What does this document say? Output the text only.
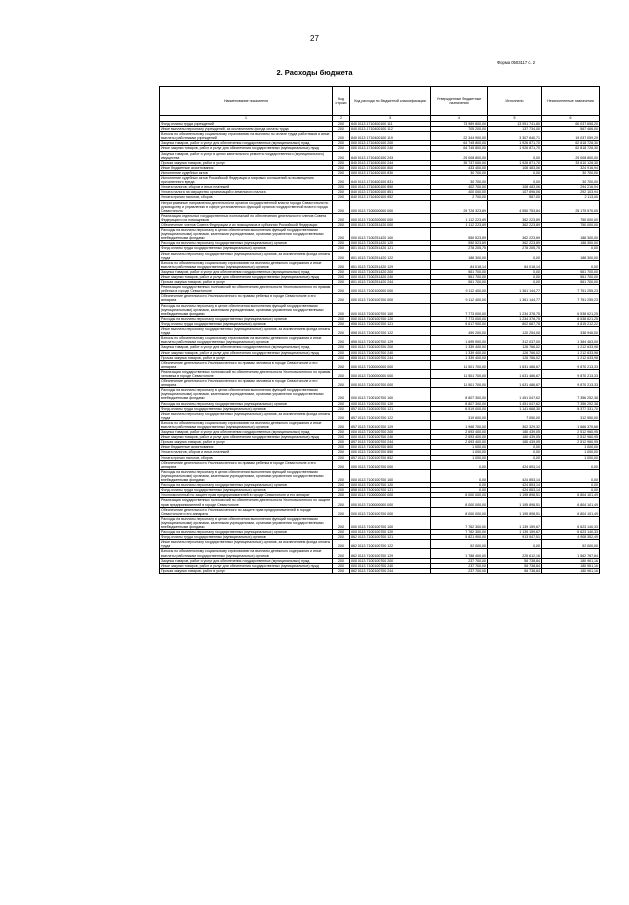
27
Форма 0503117 с. 2
2. Расходы бюджета
Наименование показателя	Код строки	Код расхода по бюджетной классификации	Утвержденные бюджетные назначения	Исполнено	Неисполненные назначения
1	2	3	4	5	6
Фонд оплаты труда учреждений	200	840 0113 1710400100 111	73 989 800,00	13 951 741,80	60 037 658,20
Иные выплаты персоналу учреждений, за исключением фонда оплаты труда	200	840 0113 1710400100 112	705 200,00	137 734,00	567 466,00
Взносы по обязательному социальному страхованию на выплаты по оплате труда работников и иные выплаты работникам учреждений	200	840 0113 1710400100 119	22 344 900,00	3 307 840,71	19 037 059,29
Закупка товаров, работ и услуг для обеспечения государственных (муниципальных) нужд	200	000 0113 1710400100 200	64 745 800,00	1 926 871,70	62 818 728,30
Иные закупки товаров, работ и услуг для обеспечения государственных (муниципальных) нужд	200	000 0113 1710400100 240	64 745 800,00	1 926 871,70	62 818 728,30
Закупка товаров, работ и услуг в целях капитального ремонта государственного (муниципального) имущества	200	840 0113 1710400100 243	29 008 800,00	0,00	29 008 800,00
Прочая закупка товаров, работ и услуг	200	840 0113 1710400100 244	35 737 000,00	1 926 871,70	33 810 128,30
Иные бюджетные ассигнования	200	000 0113 1710400100 800	433 400,00	108 483,06	324 916,94
Исполнение судебных актов	200	000 0113 1710400100 830	30 700,00	0,00	30 700,00
Исполнение судебных актов Российской Федерации и мировых соглашений по возмещению причиненного вреда	200	840 0113 1710400100 831	30 700,00	0,00	30 700,00
Уплата налогов, сборов и иных платежей	200	000 0113 1710400100 850	402 700,00	108 483,06	294 216,94
Уплата налога на имущество организаций и земельного налога	200	840 0113 1710400100 851	400 000,00	107 896,06	292 103,94
Уплата прочих налогов, сборов	200	840 0113 1710400100 852	2 700,00	587,00	2 113,00
Непрограммные направления деятельности органов государственной власти города Севастополя по руководству и управлению в сфере установленных функций органов государственной власти города Севастополя	200	000 0113 7100000000 000	29 726 323,89	4 550 753,84	25 175 570,05
Реализация отдельных государственных полномочий по обеспечению деятельности членов Совета Федерации и их помощников	200	000 0113 7100200000 000	1 112 223,89	362 223,89	750 000,00
Обеспечение членов Совета Федерации и их помощников в субъектах Российской Федерации	200	000 0113 7100251420 000	1 112 223,89	362 223,89	750 000,00
Расходы на выплаты персоналу в целях обеспечения выполнения функций государственными (муниципальными) органами, казенными учреждениями, органами управления государственными внебюджетными фондами	200	000 0113 7100251420 100	550 523,89	362 223,89	188 300,00
Расходы на выплаты персоналу государственных (муниципальных) органов	200	000 0113 7100251420 120	550 523,89	362 223,89	188 300,00
Фонд оплаты труда государственных (муниципальных) органов	200	801 0113 7100251420 121	278 205,75	278 205,75	0,00
Иные выплаты персоналу государственных (муниципальных) органов, за исключением фонда оплаты труда	200	801 0113 7100251420 122	188 300,00	0,00	188 300,00
Взносы по обязательному социальному страхованию на выплаты денежного содержания и иные выплаты работникам государственных (муниципальных) органов	200	801 0113 7100251420 129	84 018,14	84 018,14	0,00
Закупка товаров, работ и услуг для обеспечения государственных (муниципальных) нужд	200	000 0113 7100251420 200	561 700,00	0,00	561 700,00
Иные закупки товаров, работ и услуг для обеспечения государственных (муниципальных) нужд	200	000 0113 7100251420 240	561 700,00	0,00	561 700,00
Прочая закупка товаров, работ и услуг	200	801 0113 7100251420 244	561 700,00	0,00	561 700,00
Реализация государственных полномочий по обеспечению деятельности Уполномоченного по правам ребенка в городе Севастополе	200	000 0113 7100100000 000	9 112 400,00	1 361 144,77	7 751 255,23
Обеспечение деятельности Уполномоченного по правам ребенка в городе Севастополе и его аппарата	200	000 0113 7100100700 000	9 112 400,00	1 361 144,77	7 751 255,23
Расходы на выплаты персоналу в целях обеспечения выполнения функций государственными (муниципальными) органами, казенными учреждениями, органами управления государственными внебюджетными фондами	200	000 0113 7100100700 100	7 773 000,00	1 234 378,75	6 538 621,25
Расходы на выплаты персоналу государственных (муниципальных) органов	200	000 0113 7100100700 120	7 773 000,00	1 234 378,75	6 538 621,25
Фонд оплаты труда государственных (муниципальных) органов	200	858 0113 7100100700 121	5 617 900,00	802 687,78	4 815 212,22
Иные выплаты персоналу государственных (муниципальных) органов, за исключением фонда оплаты труда	200	858 0113 7100100700 122	459 200,00	120 254,00	338 946,00
Взносы по обязательному социальному страхованию на выплаты денежного содержания и иные выплаты работникам государственных (муниципальных) органов	200	858 0113 7100100700 129	1 695 900,00	312 037,00	1 384 463,00
Закупка товаров, работ и услуг для обеспечения государственных (муниципальных) нужд	200	000 0113 7100100700 200	1 339 400,00	126 766,02	1 212 633,98
Иные закупки товаров, работ и услуг для обеспечения государственных (муниципальных) нужд	200	000 0113 7100100700 240	1 339 400,00	126 766,02	1 212 633,98
Прочая закупка товаров, работ и услуг	200	858 0113 7100100700 244	1 339 400,00	126 766,02	1 212 633,98
Обеспечение деятельности Уполномоченного по правам человека в городе Севастополе и его аппарата	200	000 0113 7100000000 000	11 501 700,00	1 631 486,67	9 870 213,33
Реализация государственных полномочий по обеспечению деятельности Уполномоченного по правам человека в городе Севастополе	200	000 0113 7100000000 000	11 501 700,00	1 631 486,67	9 870 213,33
Обеспечение деятельности Уполномоченного по правам человека в городе Севастополе и его аппарата	200	000 0113 7100100700 000	11 501 700,00	1 631 486,67	9 870 213,33
Расходы на выплаты персоналу в целях обеспечения выполнения функций государственными (муниципальными) органами, казенными учреждениями, органами управления государственными внебюджетными фондами	200	000 0113 7100100700 100	8 807 300,00	1 451 047,62	7 356 252,38
Расходы на выплаты персоналу государственных (муниципальных) органов	200	000 0113 7100100700 120	8 807 300,00	1 451 047,62	7 356 252,38
Фонд оплаты труда государственных (муниципальных) органов	200	857 0113 7100100700 121	6 519 000,00	1 141 668,30	5 377 331,70
Иные выплаты персоналу государственных (муниципальных) органов, за исключением фонда оплаты труда	200	857 0113 7100100700 122	319 600,00	7 050,00	312 550,00
Взносы по обязательному социальному страхованию на выплаты денежного содержания и иные выплаты работникам государственных (муниципальных) органов	200	857 0113 7100100700 129	1 968 700,00	302 329,32	1 666 370,68
Закупка товаров, работ и услуг для обеспечения государственных (муниципальных) нужд	200	000 0113 7100100700 200	2 693 400,00	180 439,05	2 512 960,95
Иные закупки товаров, работ и услуг для обеспечения государственных (муниципальных) нужд	200	000 0113 7100100700 240	2 693 400,00	180 439,05	2 512 960,95
Прочая закупка товаров, работ и услуг	200	857 0113 7100100700 244	2 693 400,00	180 439,05	2 512 960,95
Иные бюджетные ассигнования	200	000 0113 7100100700 800	1 000,00	0,00	1 000,00
Уплата налогов, сборов и иных платежей	200	000 0113 7100100700 850	1 000,00	0,00	1 000,00
Уплата прочих налогов, сборов	200	857 0113 7100100700 852	1 000,00	0,00	1 000,00
Обеспечение деятельности Уполномоченного по правам ребенка в городе Севастополе и его аппарата	200	000 0113 7100100700 000	0,00	424 853,14	0,00
Расходы на выплаты персоналу в целях обеспечения выполнения функций государственными (муниципальными) органами, казенными учреждениями, органами управления государственными внебюджетными фондами	200	000 0113 7100100700 100	0,00	424 853,14	0,00
Расходы на выплаты персоналу государственных (муниципальных) органов	200	000 0113 7100100700 120	0,00	424 853,14	0,00
Фонд оплаты труда государственных (муниципальных) органов	200	858 0113 7100100700 121	0,00	424 853,14	0,00
Уполномоченный по защите прав предпринимателей в городе Севастополе и его аппарат	200	000 0113 7100000000 000	8 000 000,00	1 195 898,51	6 804 101,49
Реализация государственных полномочий по обеспечению деятельности Уполномоченного по защите прав предпринимателей в городе Севастополе	200	000 0113 7100000000 000	8 000 000,00	1 195 898,51	6 804 101,49
Обеспечение деятельности Уполномоченного по защите прав предпринимателей в городе Севастополе и его аппарата	200	000 0113 7100100700 000	8 000 000,00	1 195 898,51	6 804 101,49
Расходы на выплаты персоналу в целях обеспечения выполнения функций государственными (муниципальными) органами, казенными учреждениями, органами управления государственными внебюджетными фондами	200	000 0113 7100100700 100	7 762 300,00	1 139 159,67	6 623 140,33
Расходы на выплаты персоналу государственных (муниципальных) органов	200	000 0113 7100100700 120	7 762 300,00	1 139 159,67	6 623 140,33
Фонд оплаты труда государственных (муниципальных) органов	200	862 0113 7100100700 121	5 821 900,00	913 547,51	4 908 352,49
Иные выплаты персоналу государственных (муниципальных) органов, за исключением фонда оплаты труда	200	862 0113 7100100700 122	52 000,00	0,00	52 000,00
Взносы по обязательному социальному страхованию на выплаты денежного содержания и иные выплаты работникам государственных (муниципальных) органов	200	862 0113 7100100700 129	1 788 400,00	225 612,16	1 562 787,84
Закупка товаров, работ и услуг для обеспечения государственных (муниципальных) нужд	200	000 0113 7100100700 200	237 700,00	56 738,84	180 961,16
Иные закупки товаров, работ и услуг для обеспечения государственных (муниципальных) нужд	200	000 0113 7100100700 240	237 700,00	56 738,84	180 961,16
Прочая закупка товаров, работ и услуг	200	862 0113 7100100700 244	237 700,00	56 738,84	180 961,16
